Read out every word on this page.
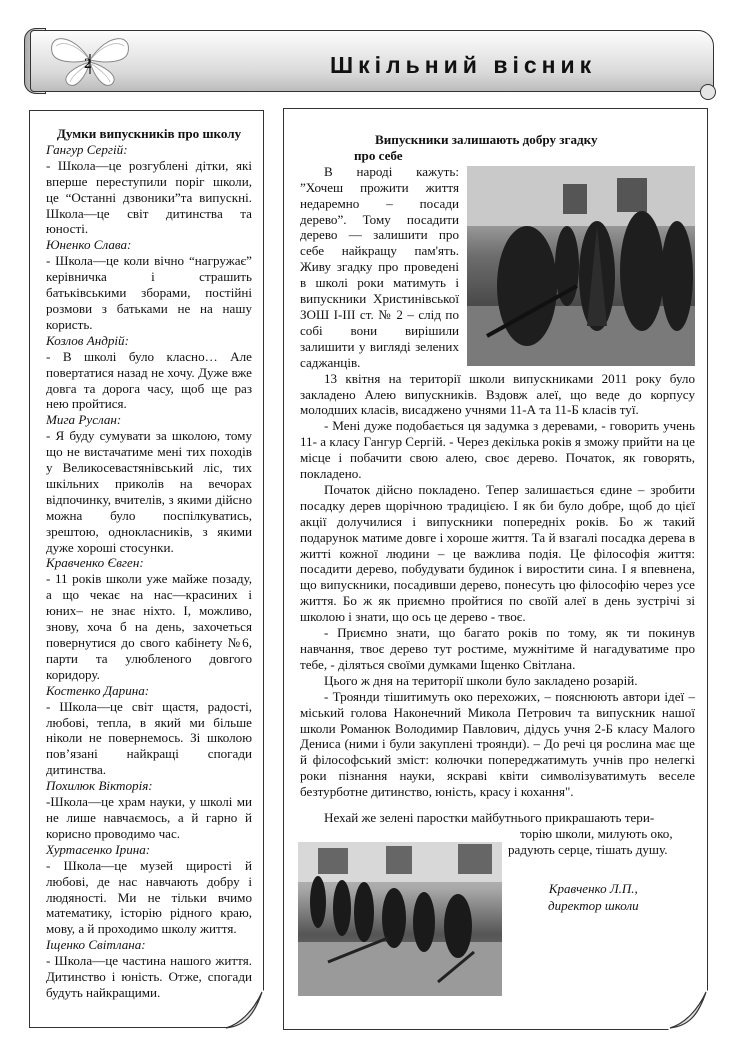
2	Шкільний вісник

Думки випускників про школу

Гангур Сергій:

- Школа—це розгублені дітки, які вперше переступили поріг школи, це “Останні дзвоники”та випускні. Школа—це світ дитинства та юності.

Юненко Слава:

- Школа—це коли вічно “нагружає” керівничка і страшить батьківськими зборами, постійні розмови з батьками не на нашу користь.

Козлов Андрій:

- В школі було класно… Але повертатися назад не хочу. Дуже вже довга та дорога часу, щоб ще раз нею пройтися.

Мига Руслан:

- Я буду сумувати за школою, тому що не вистачатиме мені тих походів у Великосевастянівський ліс, тих шкільних приколів на вечорах відпочинку, вчителів, з якими дійсно можна було поспілкуватись, зрештою, однокласників, з якими дуже хороші стосунки.

Кравченко Євген:

- 11 років школи уже майже позаду, а що чекає на нас—красиних і юних– не знає ніхто. І, можливо, знову, хоча б на день, захочеться повернутися до свого кабінету №6, парти та улюбленого довгого коридору.

Костенко Дарина:

- Школа—це світ щастя, радості, любові, тепла, в який ми більше ніколи не повернемось. Зі школою пов’язані найкращі спогади дитинства.

Похилюк Вікторія:

-Школа—це храм науки, у школі ми не лише навчаємось, а й гарно й корисно проводимо час.

Хуртасенко Ірина:

- Школа—це музей щирості й любові, де нас навчають добру і людяності. Ми не тільки вчимо математику, історію рідного краю, мову, а й проходимо школу життя.

Іщенко Світлана:

- Школа—це частина нашого життя. Дитинство і юність. Отже, спогади будуть найкращими.

Випускники залишають добру згадку
про себе

В народі кажуть: ”Хочеш прожити життя недаремно – посади дерево”. Тому посадити дерево — залишити про себе найкращу пам'ять. Живу згадку про проведені в школі роки матимуть і випускники Христинівської ЗОШ І-ІІІ ст. № 2 – слід по собі вони вирішили залишити у вигляді зелених саджанців.

13 квітня на території школи випускниками 2011 року було закладено Алею випускників. Вздовж алеї, що веде до корпусу молодших класів, висаджено учнями 11-А та 11-Б класів туї.

- Мені дуже подобається ця задумка з деревами, - говорить учень 11- а класу Гангур Сергій. - Через декілька років я зможу прийти на це місце і побачити свою алею, своє дерево. Початок, як говорять, покладено.

Початок дійсно покладено. Тепер залишається єдине – зробити посадку дерев щорічною традицією. І як би було добре, щоб до цієї акції долучилися і випускники попередніх років. Бо ж такий подарунок матиме довге і хороше життя. Та й взагалі посадка дерева в житті кожної людини – це важлива подія. Це філософія життя: посадити дерево, побудувати будинок і виростити сина. І я впевнена, що випускники, посадивши дерево, понесуть цю філософію через усе життя. Бо ж як приємно пройтися по своїй алеї в день зустрічі зі школою і знати, що ось це дерево - твоє.

- Приємно знати, що багато років по тому, як ти покинув навчання, твоє дерево тут ростиме, мужнітиме й нагадуватиме про тебе, - діляться своїми думками Іщенко Світлана.

Цього ж дня на території школи було закладено розарій.

- Троянди тішитимуть око перехожих, – пояснюють автори ідеї – міський голова Наконечний Микола Петрович та випускник нашої школи Романюк Володимир Павлович, дідусь учня 2-Б класу Малого Дениса (ними і були закуплені троянди). – До речі ця рослина має ще й філософський зміст: колючки попереджатимуть учнів про нелегкі роки пізнання науки, яскраві квіти символізуватимуть веселе безтурботне дитинство, юність, красу і кохання".

Нехай же зелені паростки майбутнього прикрашають тери-

торію школи, милують око,

радують серце, тішать душу.

Кравченко Л.П.,
директор школи
